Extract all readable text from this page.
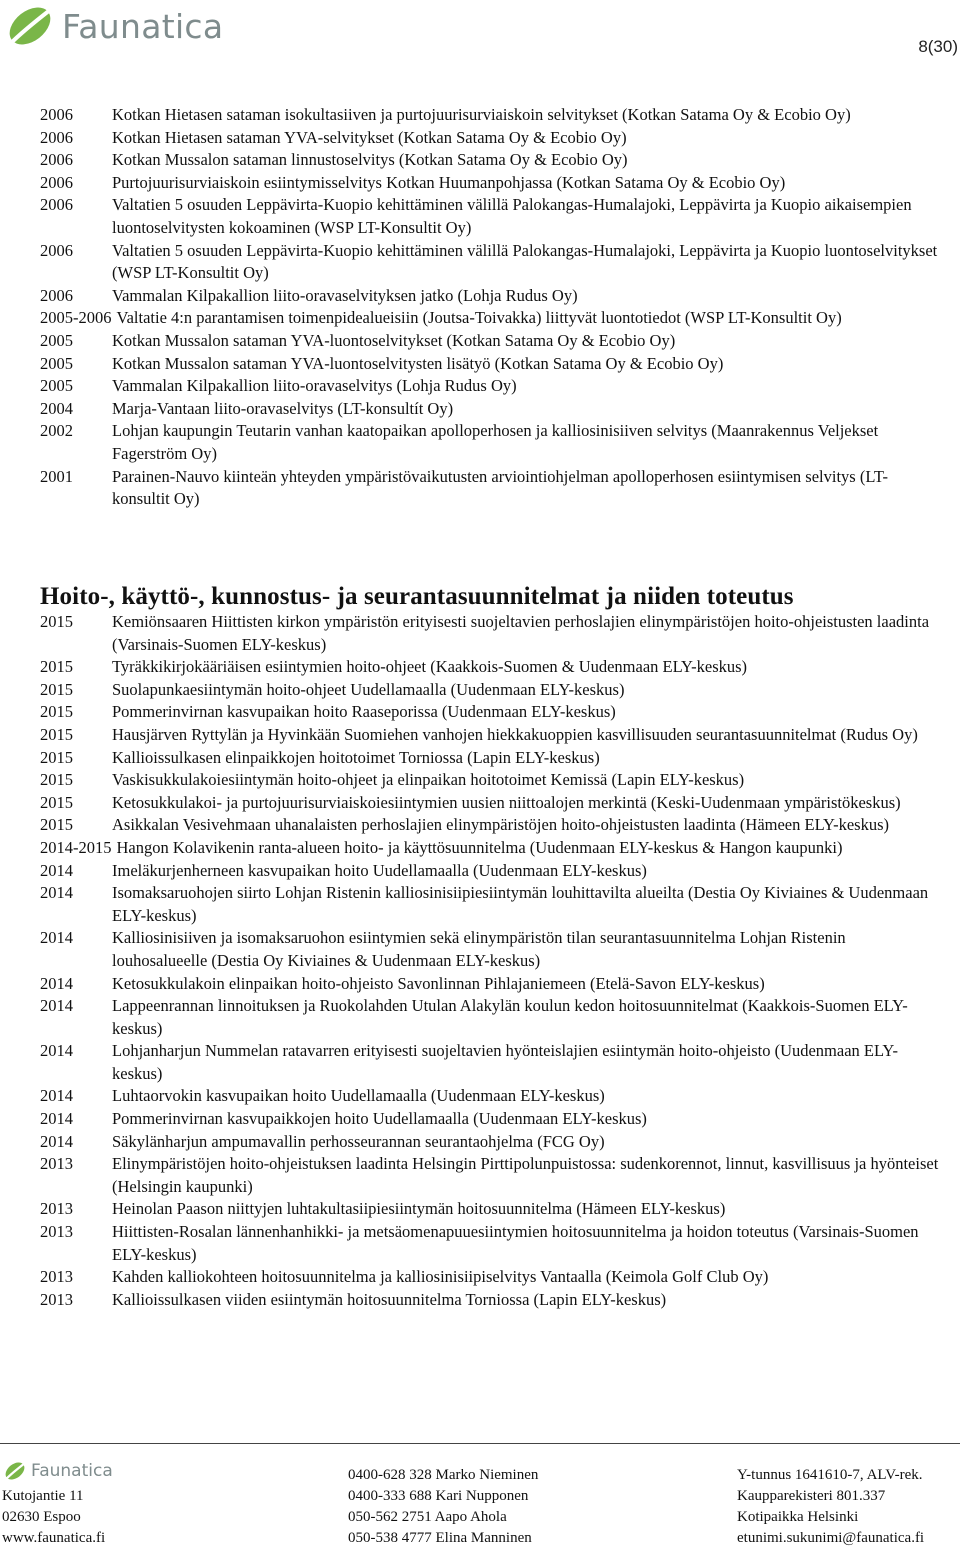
Faunatica
8(30)
2006	Kotkan Hietasen sataman isokultasiiven ja purtojuurisurviaiskoin selvitykset (Kotkan Satama Oy & Ecobio Oy)
2006	Kotkan Hietasen sataman YVA-selvitykset (Kotkan Satama Oy & Ecobio Oy)
2006	Kotkan Mussalon sataman linnustoselvitys (Kotkan Satama Oy & Ecobio Oy)
2006	Purtojuurisurviaiskoin esiintymisselvitys Kotkan Huumanpohjassa (Kotkan Satama Oy & Ecobio Oy)
2006	Valtatien 5 osuuden Leppävirta-Kuopio kehittäminen välillä Palokangas-Humalajoki, Leppävirta ja Kuopio aikaisempien luontoselvitysten kokoaminen (WSP LT-Konsultit Oy)
2006	Valtatien 5 osuuden Leppävirta-Kuopio kehittäminen välillä Palokangas-Humalajoki, Leppävirta ja Kuopio luontoselvitykset (WSP LT-Konsultit Oy)
2006	Vammalan Kilpakallion liito-oravaselvityksen jatko (Lohja Rudus Oy)
2005-2006 Valtatie 4:n parantamisen toimenpidealueisiin (Joutsa-Toivakka) liittyvät luontotiedot (WSP LT-Konsultit Oy)
2005	Kotkan Mussalon sataman YVA-luontoselvitykset (Kotkan Satama Oy & Ecobio Oy)
2005	Kotkan Mussalon sataman YVA-luontoselvitysten lisätyö (Kotkan Satama Oy & Ecobio Oy)
2005	Vammalan Kilpakallion liito-oravaselvitys (Lohja Rudus Oy)
2004	Marja-Vantaan liito-oravaselvitys (LT-konsultít Oy)
2002	Lohjan kaupungin Teutarin vanhan kaatopaikan apolloperhosen ja kalliosinisiiven selvitys (Maanrakennus Veljekset Fagerström Oy)
2001	Parainen-Nauvo kiinteän yhteyden ympäristövaikutusten arviointiohjelman apolloperhosen esiintymisen selvitys (LT-konsultit Oy)
Hoito-, käyttö-, kunnostus- ja seurantasuunnitelmat ja niiden toteutus
2015	Kemiönsaaren Hiittisten kirkon ympäristön erityisesti suojeltavien perhoslajien elinympäristöjen hoito-ohjeistusten laadinta (Varsinais-Suomen ELY-keskus)
2015	Tyräkkikirjokääriäisen esiintymien hoito-ohjeet (Kaakkois-Suomen & Uudenmaan ELY-keskus)
2015	Suolapunkaesiintymän hoito-ohjeet Uudellamaalla (Uudenmaan ELY-keskus)
2015	Pommerinvirnan kasvupaikan hoito Raaseporissa (Uudenmaan ELY-keskus)
2015	Hausjärven Ryttylän ja Hyvinkään Suomiehen vanhojen hiekkakuoppien kasvillisuuden seurantasuunnitelmat (Rudus Oy)
2015	Kallioissulkasen elinpaikkojen hoitotoimet Torniossa (Lapin ELY-keskus)
2015	Vaskisukkulakoiesiintymän hoito-ohjeet ja elinpaikan hoitotoimet Kemissä (Lapin ELY-keskus)
2015	Ketosukkulakoi- ja purtojuurisurviaiskoiesiintymien uusien niittoalojen merkintä (Keski-Uudenmaan ympäristökeskus)
2015	Asikkalan Vesivehmaan uhanalaisten perhoslajien elinympäristöjen hoito-ohjeistusten laadinta (Hämeen ELY-keskus)
2014-2015 Hangon Kolavikenin ranta-alueen hoito- ja käyttösuunnitelma (Uudenmaan ELY-keskus & Hangon kaupunki)
2014	Imeläkurjenherneen kasvupaikan hoito Uudellamaalla (Uudenmaan ELY-keskus)
2014	Isomaksaruohojen siirto Lohjan Ristenin kalliosinisiipiesiintymän louhittavilta alueilta (Destia Oy Kiviaines & Uudenmaan ELY-keskus)
2014	Kalliosinisiiven ja isomaksaruohon esiintymien sekä elinympäristön tilan seurantasuunnitelma Lohjan Ristenin louhosalueelle (Destia Oy Kiviaines & Uudenmaan ELY-keskus)
2014	Ketosukkulakoin elinpaikan hoito-ohjeisto Savonlinnan Pihlajaniemeen (Etelä-Savon ELY-keskus)
2014	Lappeenrannan linnoituksen ja Ruokolahden Utulan Alakylän koulun kedon hoitosuunnitelmat (Kaakkois-Suomen ELY-keskus)
2014	Lohjanharjun Nummelan ratavarren erityisesti suojeltavien hyönteislajien esiintymän hoito-ohjeisto (Uudenmaan ELY-keskus)
2014	Luhtaorvokin kasvupaikan hoito Uudellamaalla (Uudenmaan ELY-keskus)
2014	Pommerinvirnan kasvupaikkojen hoito Uudellamaalla (Uudenmaan ELY-keskus)
2014	Säkylänharjun ampumavallin perhosseurannan seurantaohjelma (FCG Oy)
2013	Elinympäristöjen hoito-ohjeistuksen laadinta Helsingin Pirttipolunpuistossa: sudenkorennot, linnut, kasvillisuus ja hyönteiset (Helsingin kaupunki)
2013	Heinolan Paason niittyjen luhtakultasiipiesiintymän hoitosuunnitelma (Hämeen ELY-keskus)
2013	Hiittisten-Rosalan lännenhanhikki- ja metsäomenapuuesiintymien hoitosuunnitelma ja hoidon toteutus (Varsinais-Suomen ELY-keskus)
2013	Kahden kalliokohteen hoitosuunnitelma ja kalliosinisiipiselvitys Vantaalla (Keimola Golf Club Oy)
2013	Kallioissulkasen viiden esiintymän hoitosuunnitelma Torniossa (Lapin ELY-keskus)
Faunatica
Kutojantie 11
02630 Espoo
www.faunatica.fi
0400-628 328 Marko Nieminen
0400-333 688 Kari Nupponen
050-562 2751 Aapo Ahola
050-538 4777 Elina Manninen
Y-tunnus 1641610-7, ALV-rek.
Kaupparekisteri 801.337
Kotipaikka Helsinki
etunimi.sukunimi@faunatica.fi
